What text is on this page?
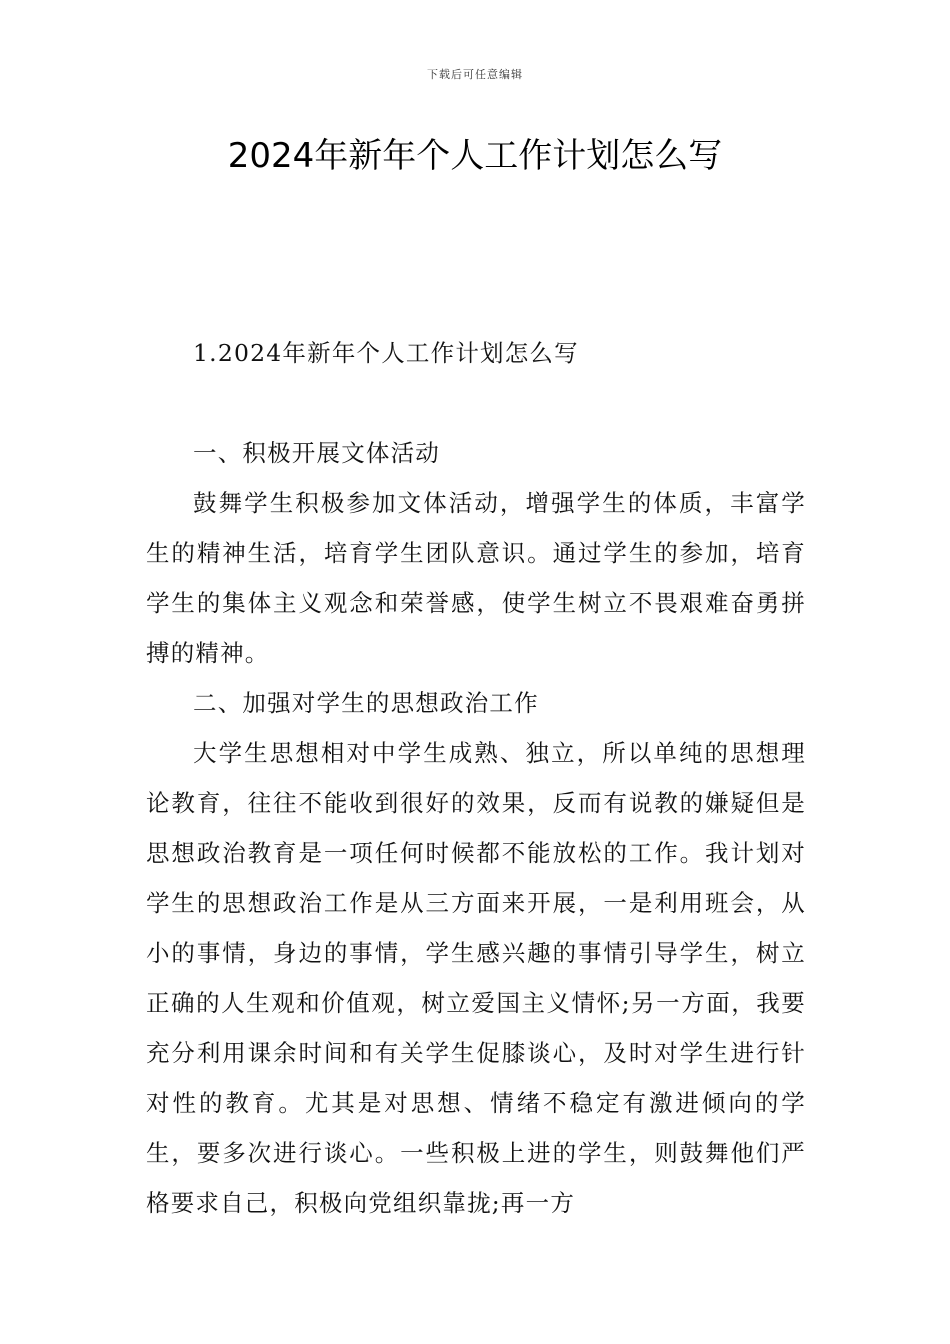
下载后可任意编辑
2024年新年个人工作计划怎么写

1.2024年新年个人工作计划怎么写

一、积极开展文体活动

鼓舞学生积极参加文体活动，增强学生的体质，丰富学生的精神生活，培育学生团队意识。通过学生的参加，培育学生的集体主义观念和荣誉感，使学生树立不畏艰难奋勇拼搏的精神。

二、加强对学生的思想政治工作

大学生思想相对中学生成熟、独立，所以单纯的思想理论教育，往往不能收到很好的效果，反而有说教的嫌疑但是思想政治教育是一项任何时候都不能放松的工作。我计划对学生的思想政治工作是从三方面来开展，一是利用班会，从小的事情，身边的事情，学生感兴趣的事情引导学生，树立正确的人生观和价值观，树立爱国主义情怀;另一方面，我要充分利用课余时间和有关学生促膝谈心，及时对学生进行针对性的教育。尤其是对思想、情绪不稳定有激进倾向的学生，要多次进行谈心。一些积极上进的学生，则鼓舞他们严格要求自己，积极向党组织靠拢;再一方
